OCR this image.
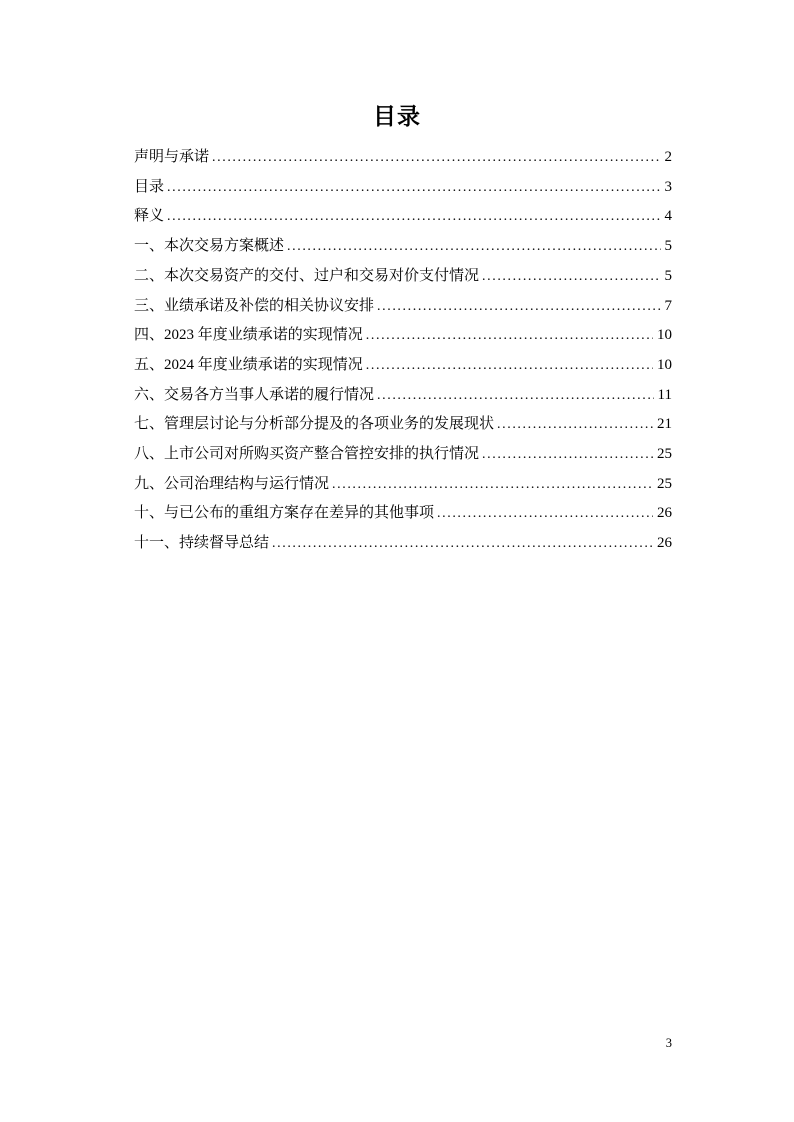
目录
声明与承诺 .....	2
目录 .....	3
释义 .....	4
一、本次交易方案概述 .....	5
二、本次交易资产的交付、过户和交易对价支付情况 .....	5
三、业绩承诺及补偿的相关协议安排 .....	7
四、2023 年度业绩承诺的实现情况 .....	10
五、2024 年度业绩承诺的实现情况 .....	10
六、交易各方当事人承诺的履行情况 .....	11
七、管理层讨论与分析部分提及的各项业务的发展现状 .....	21
八、上市公司对所购买资产整合管控安排的执行情况 .....	25
九、公司治理结构与运行情况 .....	25
十、与已公布的重组方案存在差异的其他事项 .....	26
十一、持续督导总结 .....	26
3
